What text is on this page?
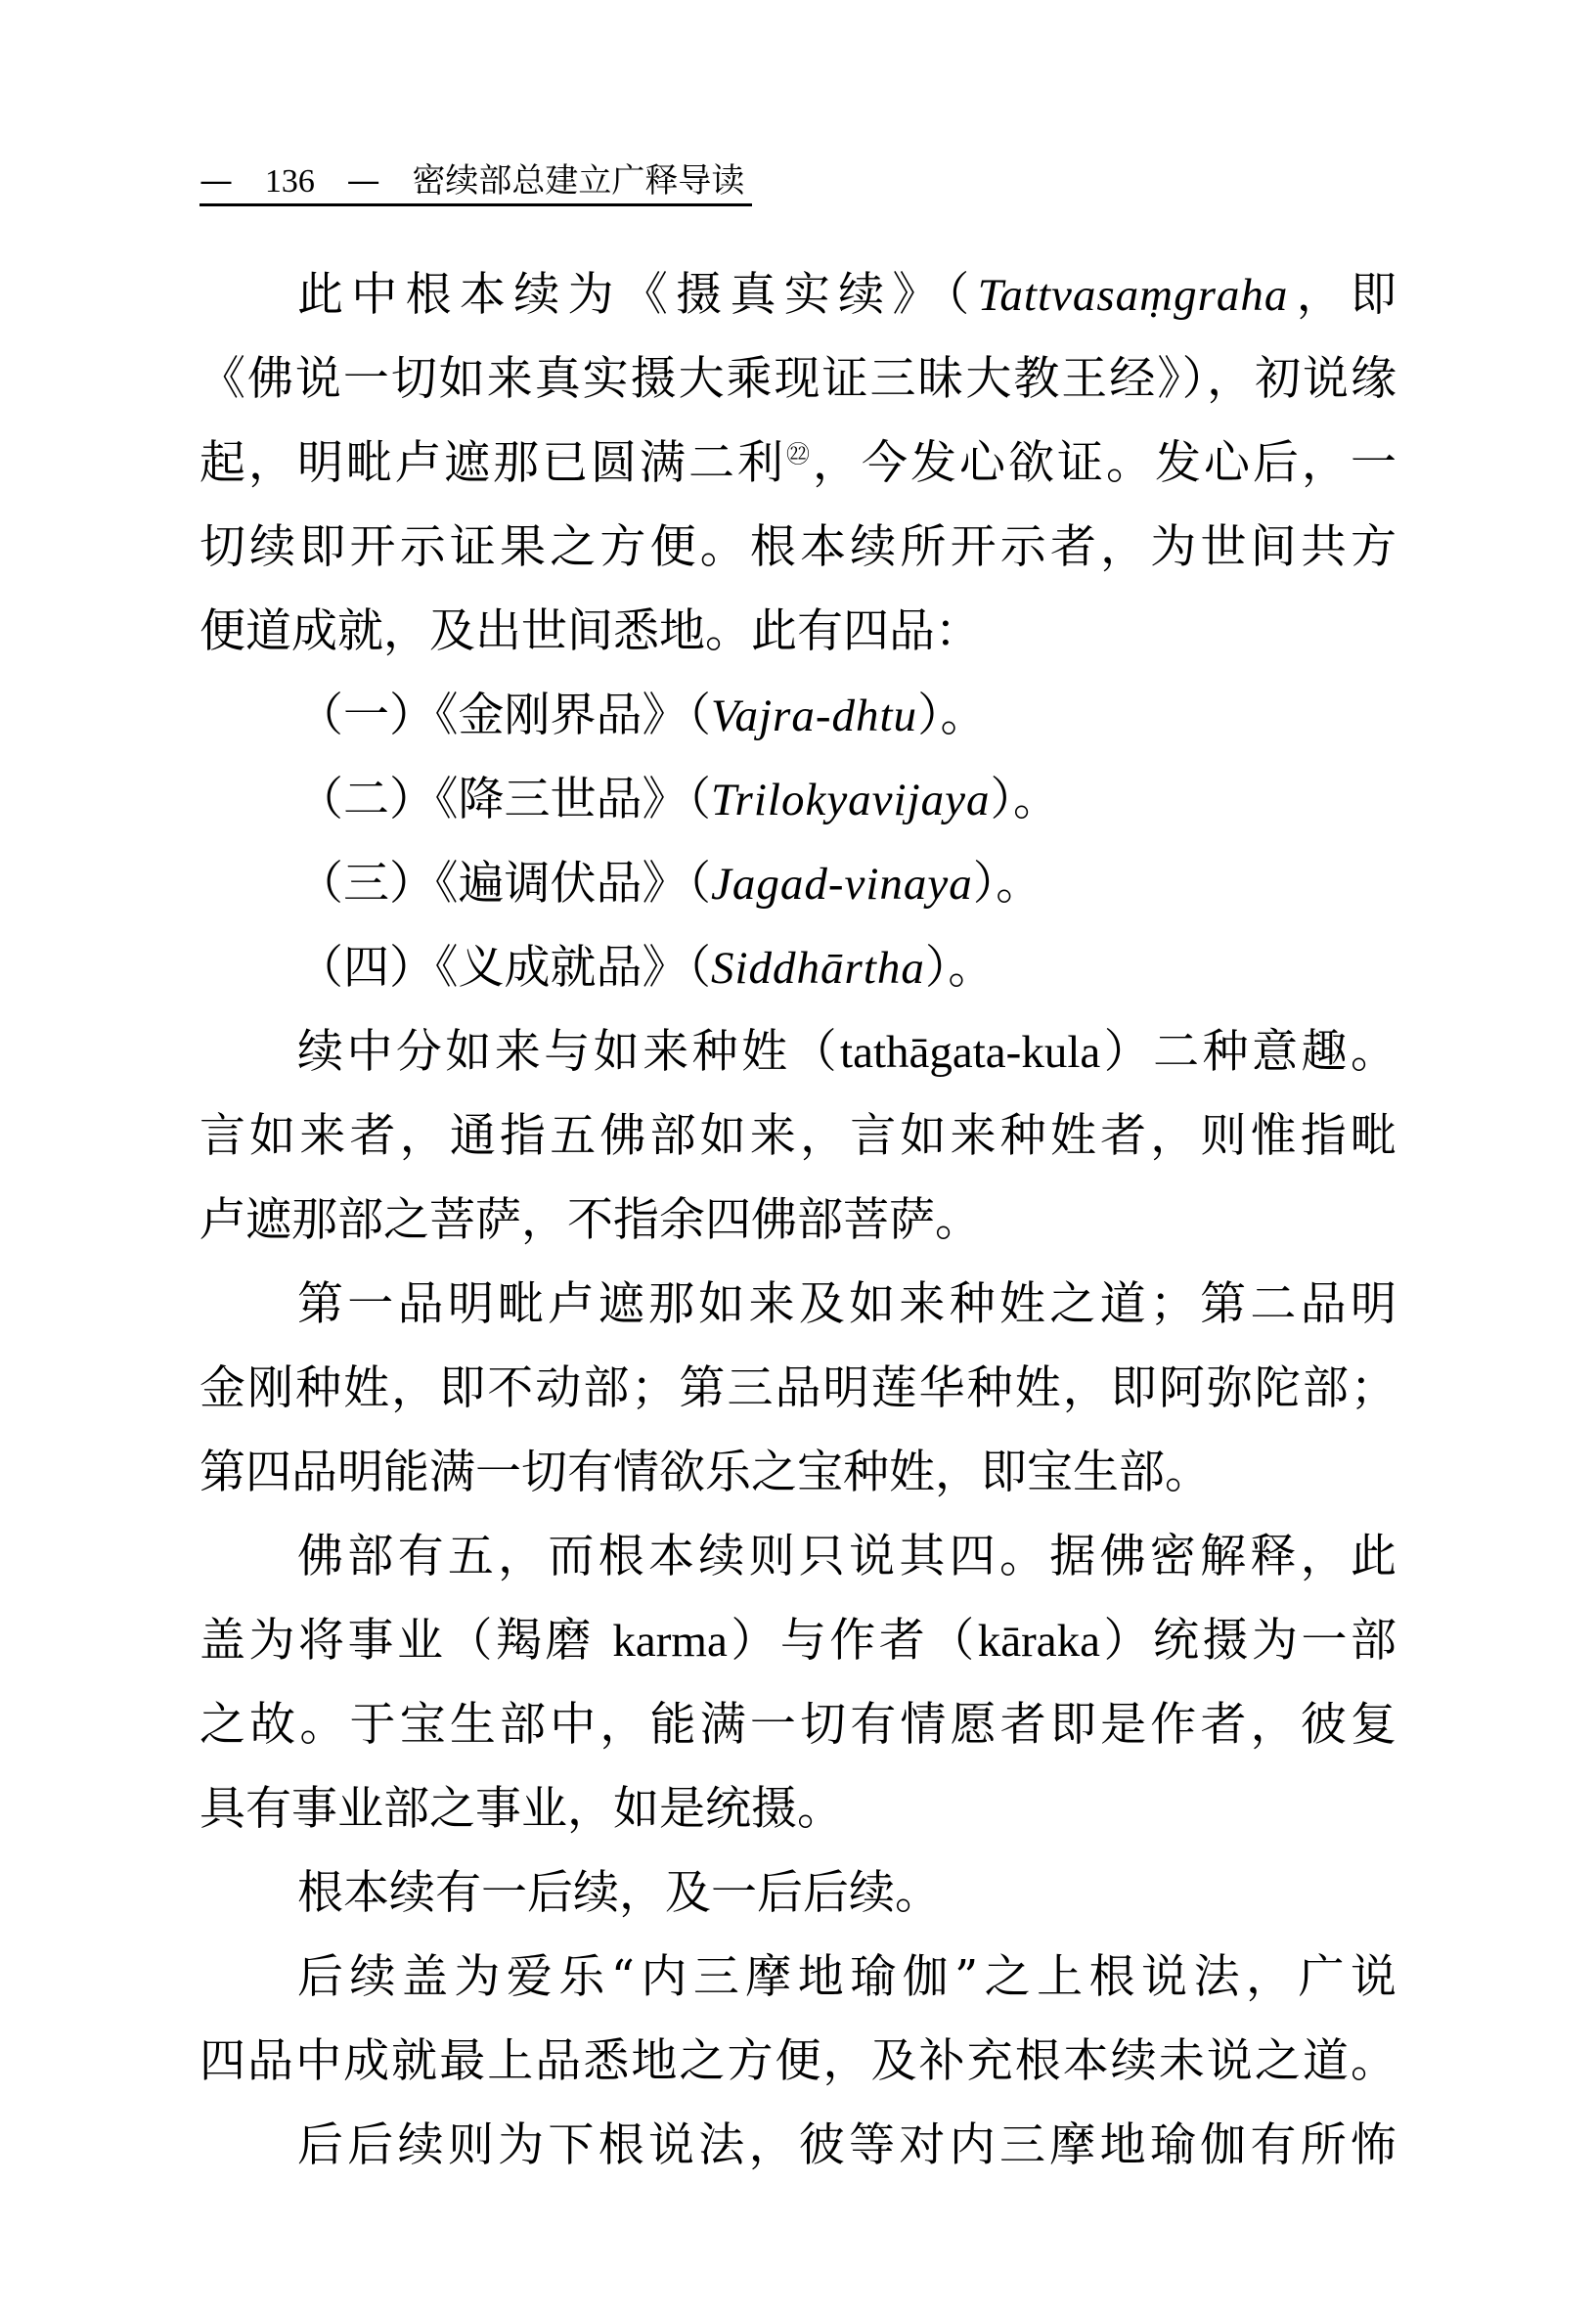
— 136 — 密续部总建立广释导读
此中根本续为《摄真实续》（Tattvasaṃgraha，即
《佛说一切如来真实摄大乘现证三昧大教王经》），初说缘
起，明毗卢遮那已圆满二利$^㉒$，今发心欲证。发心后，一
切续即开示证果之方便。根本续所开示者，为世间共方
便道成就，及出世间悉地。此有四品：
（一）《金刚界品》（Vajra-dhtu）。
（二）《降三世品》（Trilokyavijaya）。
（三）《遍调伏品》（Jagad-vinaya）。
（四）《义成就品》（Siddhārtha）。
续中分如来与如来种姓（tathāgata-kula）二种意趣。
言如来者，通指五佛部如来，言如来种姓者，则惟指毗
卢遮那部之菩萨，不指余四佛部菩萨。
第一品明毗卢遮那如来及如来种姓之道；第二品明
金刚种姓，即不动部；第三品明莲华种姓，即阿弥陀部；
第四品明能满一切有情欲乐之宝种姓，即宝生部。
佛部有五，而根本续则只说其四。据佛密解释，此
盖为将事业（羯磨 karma）与作者（kāraka）统摄为一部
之故。于宝生部中，能满一切有情愿者即是作者，彼复
具有事业部之事业，如是统摄。
根本续有一后续，及一后后续。
后续盖为爱乐“内三摩地瑜伽”之上根说法，广说
四品中成就最上品悉地之方便，及补充根本续未说之道。
后后续则为下根说法，彼等对内三摩地瑜伽有所怖
